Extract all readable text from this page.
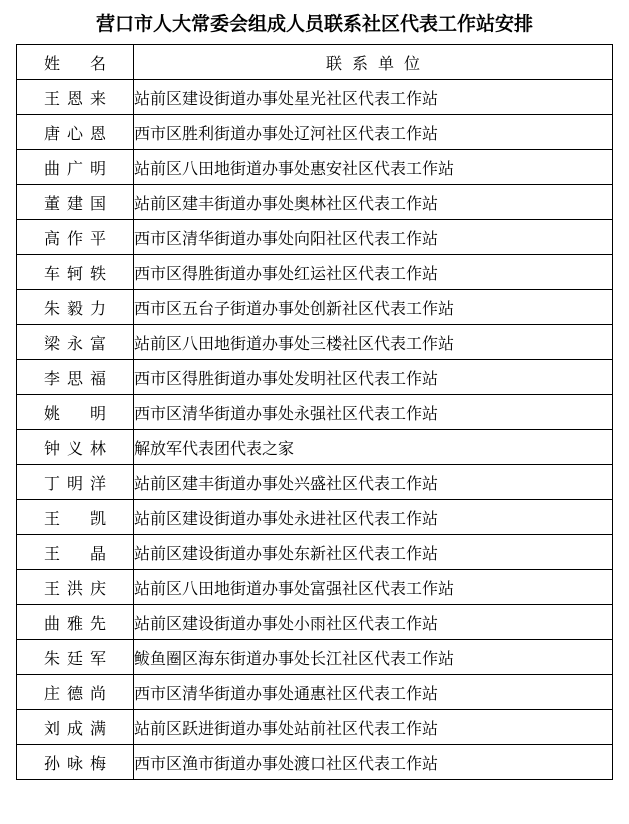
营口市人大常委会组成人员联系社区代表工作站安排
姓 名	联系单位
王恩来	站前区建设街道办事处星光社区代表工作站
唐心恩	西市区胜利街道办事处辽河社区代表工作站
曲广明	站前区八田地街道办事处惠安社区代表工作站
董建国	站前区建丰街道办事处奥林社区代表工作站
高作平	西市区清华街道办事处向阳社区代表工作站
车轲轶	西市区得胜街道办事处红运社区代表工作站
朱毅力	西市区五台子街道办事处创新社区代表工作站
梁永富	站前区八田地街道办事处三楼社区代表工作站
李思福	西市区得胜街道办事处发明社区代表工作站
姚 明	西市区清华街道办事处永强社区代表工作站
钟义林	解放军代表团代表之家
丁明洋	站前区建丰街道办事处兴盛社区代表工作站
王 凯	站前区建设街道办事处永进社区代表工作站
王 晶	站前区建设街道办事处东新社区代表工作站
王洪庆	站前区八田地街道办事处富强社区代表工作站
曲雅先	站前区建设街道办事处小雨社区代表工作站
朱廷军	鲅鱼圈区海东街道办事处长江社区代表工作站
庄德尚	西市区清华街道办事处通惠社区代表工作站
刘成满	站前区跃进街道办事处站前社区代表工作站
孙咏梅	西市区渔市街道办事处渡口社区代表工作站
